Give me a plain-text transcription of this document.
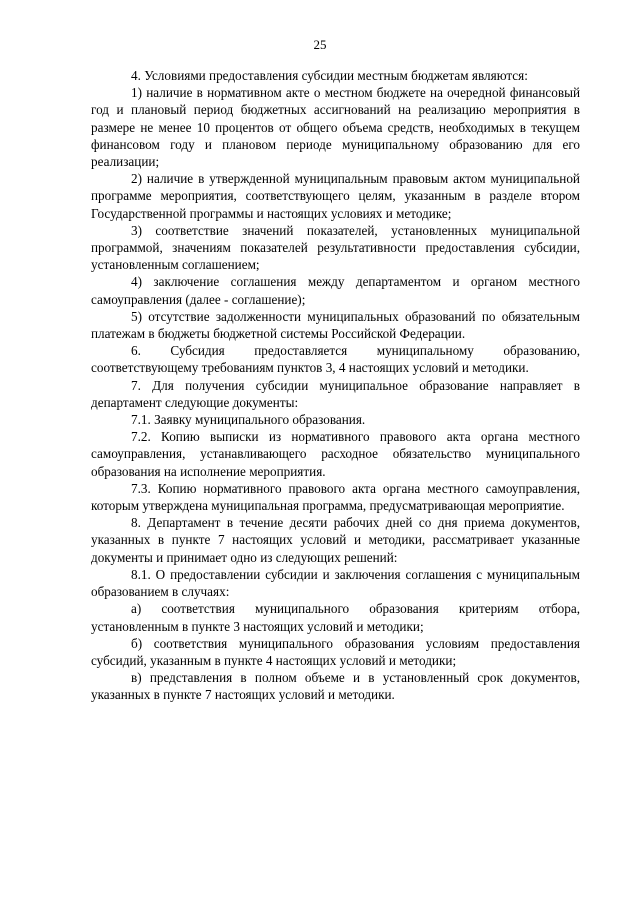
25

4. Условиями предоставления субсидии местным бюджетам являются:

1) наличие в нормативном акте о местном бюджете на очередной финансовый год и плановый период бюджетных ассигнований на реализацию мероприятия в размере не менее 10 процентов от общего объема средств, необходимых в текущем финансовом году и плановом периоде муниципальному образованию для его реализации;

2) наличие в утвержденной муниципальным правовым актом муниципальной программе мероприятия, соответствующего целям, указанным в разделе втором Государственной программы и настоящих условиях и методике;

3) соответствие значений показателей, установленных муниципальной программой, значениям показателей результативности предоставления субсидии, установленным соглашением;

4) заключение соглашения между департаментом и органом местного самоуправления (далее - соглашение);

5) отсутствие задолженности муниципальных образований по обязательным платежам в бюджеты бюджетной системы Российской Федерации.

6. Субсидия предоставляется муниципальному образованию, соответствующему требованиям пунктов 3, 4 настоящих условий и методики.

7. Для получения субсидии муниципальное образование направляет в департамент следующие документы:

7.1. Заявку муниципального образования.

7.2. Копию выписки из нормативного правового акта органа местного самоуправления, устанавливающего расходное обязательство муниципального образования на исполнение мероприятия.

7.3. Копию нормативного правового акта органа местного самоуправления, которым утверждена муниципальная программа, предусматривающая мероприятие.

8. Департамент в течение десяти рабочих дней со дня приема документов, указанных в пункте 7 настоящих условий и методики, рассматривает указанные документы и принимает одно из следующих решений:

8.1. О предоставлении субсидии и заключения соглашения с муниципальным образованием в случаях:

а) соответствия муниципального образования критериям отбора, установленным в пункте 3 настоящих условий и методики;

б) соответствия муниципального образования условиям предоставления субсидий, указанным в пункте 4 настоящих условий и методики;

в) представления в полном объеме и в установленный срок документов, указанных в пункте 7 настоящих условий и методики.
